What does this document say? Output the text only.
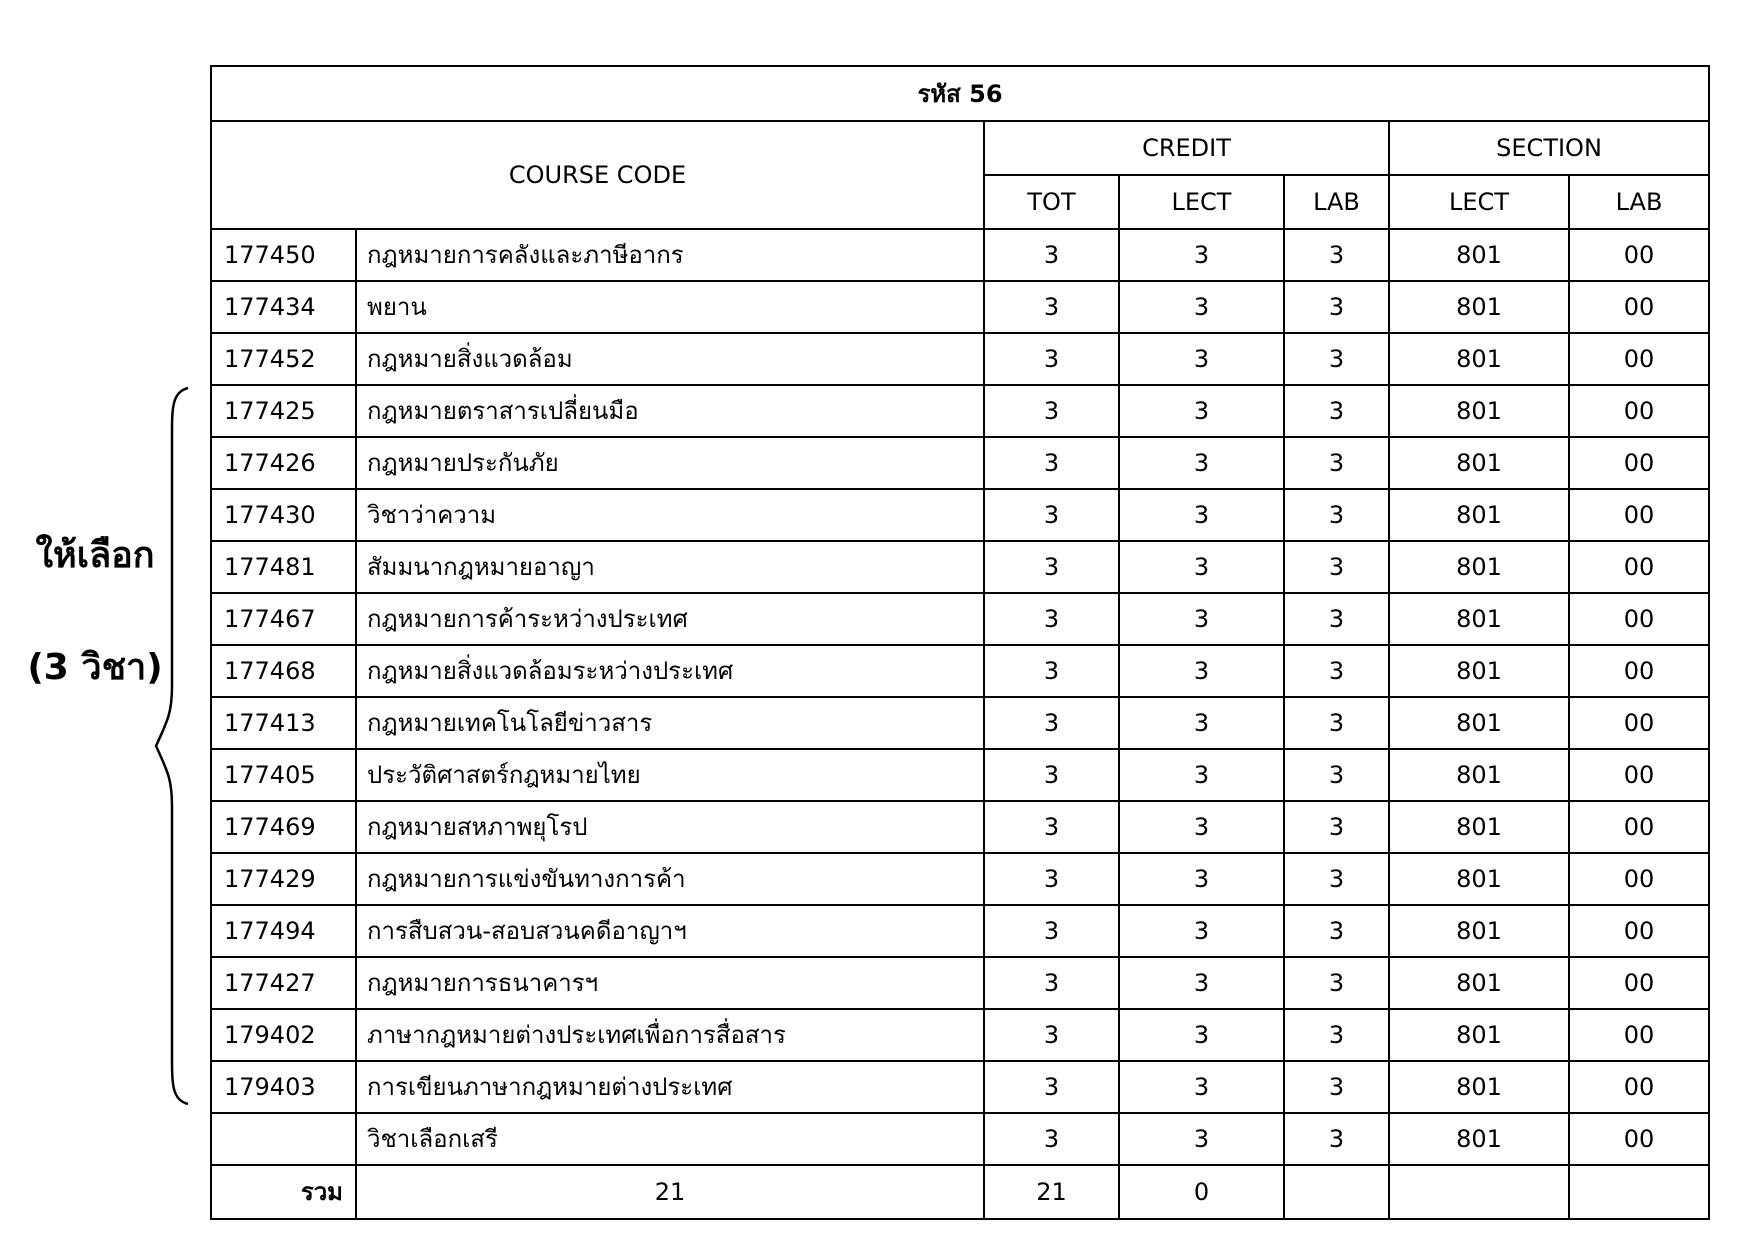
ให้เลือก
(3 วิชา)
รหัส 56						
COURSE CODE		CREDIT			SECTION	
		TOT	LECT	LAB	LECT	LAB
177450	กฎหมายการคลังและภาษีอากร	3	3	3	801	00
177434	พยาน	3	3	3	801	00
177452	กฎหมายสิ่งแวดล้อม	3	3	3	801	00
177425	กฎหมายตราสารเปลี่ยนมือ	3	3	3	801	00
177426	กฎหมายประกันภัย	3	3	3	801	00
177430	วิชาว่าความ	3	3	3	801	00
177481	สัมมนากฎหมายอาญา	3	3	3	801	00
177467	กฎหมายการค้าระหว่างประเทศ	3	3	3	801	00
177468	กฎหมายสิ่งแวดล้อมระหว่างประเทศ	3	3	3	801	00
177413	กฎหมายเทคโนโลยีข่าวสาร	3	3	3	801	00
177405	ประวัติศาสตร์กฎหมายไทย	3	3	3	801	00
177469	กฎหมายสหภาพยุโรป	3	3	3	801	00
177429	กฎหมายการแข่งขันทางการค้า	3	3	3	801	00
177494	การสืบสวน-สอบสวนคดีอาญาฯ	3	3	3	801	00
177427	กฎหมายการธนาคารฯ	3	3	3	801	00
179402	ภาษากฎหมายต่างประเทศเพื่อการสื่อสาร	3	3	3	801	00
179403	การเขียนภาษากฎหมายต่างประเทศ	3	3	3	801	00
	วิชาเลือกเสรี	3	3	3	801	00
รวม	21	21	0			
